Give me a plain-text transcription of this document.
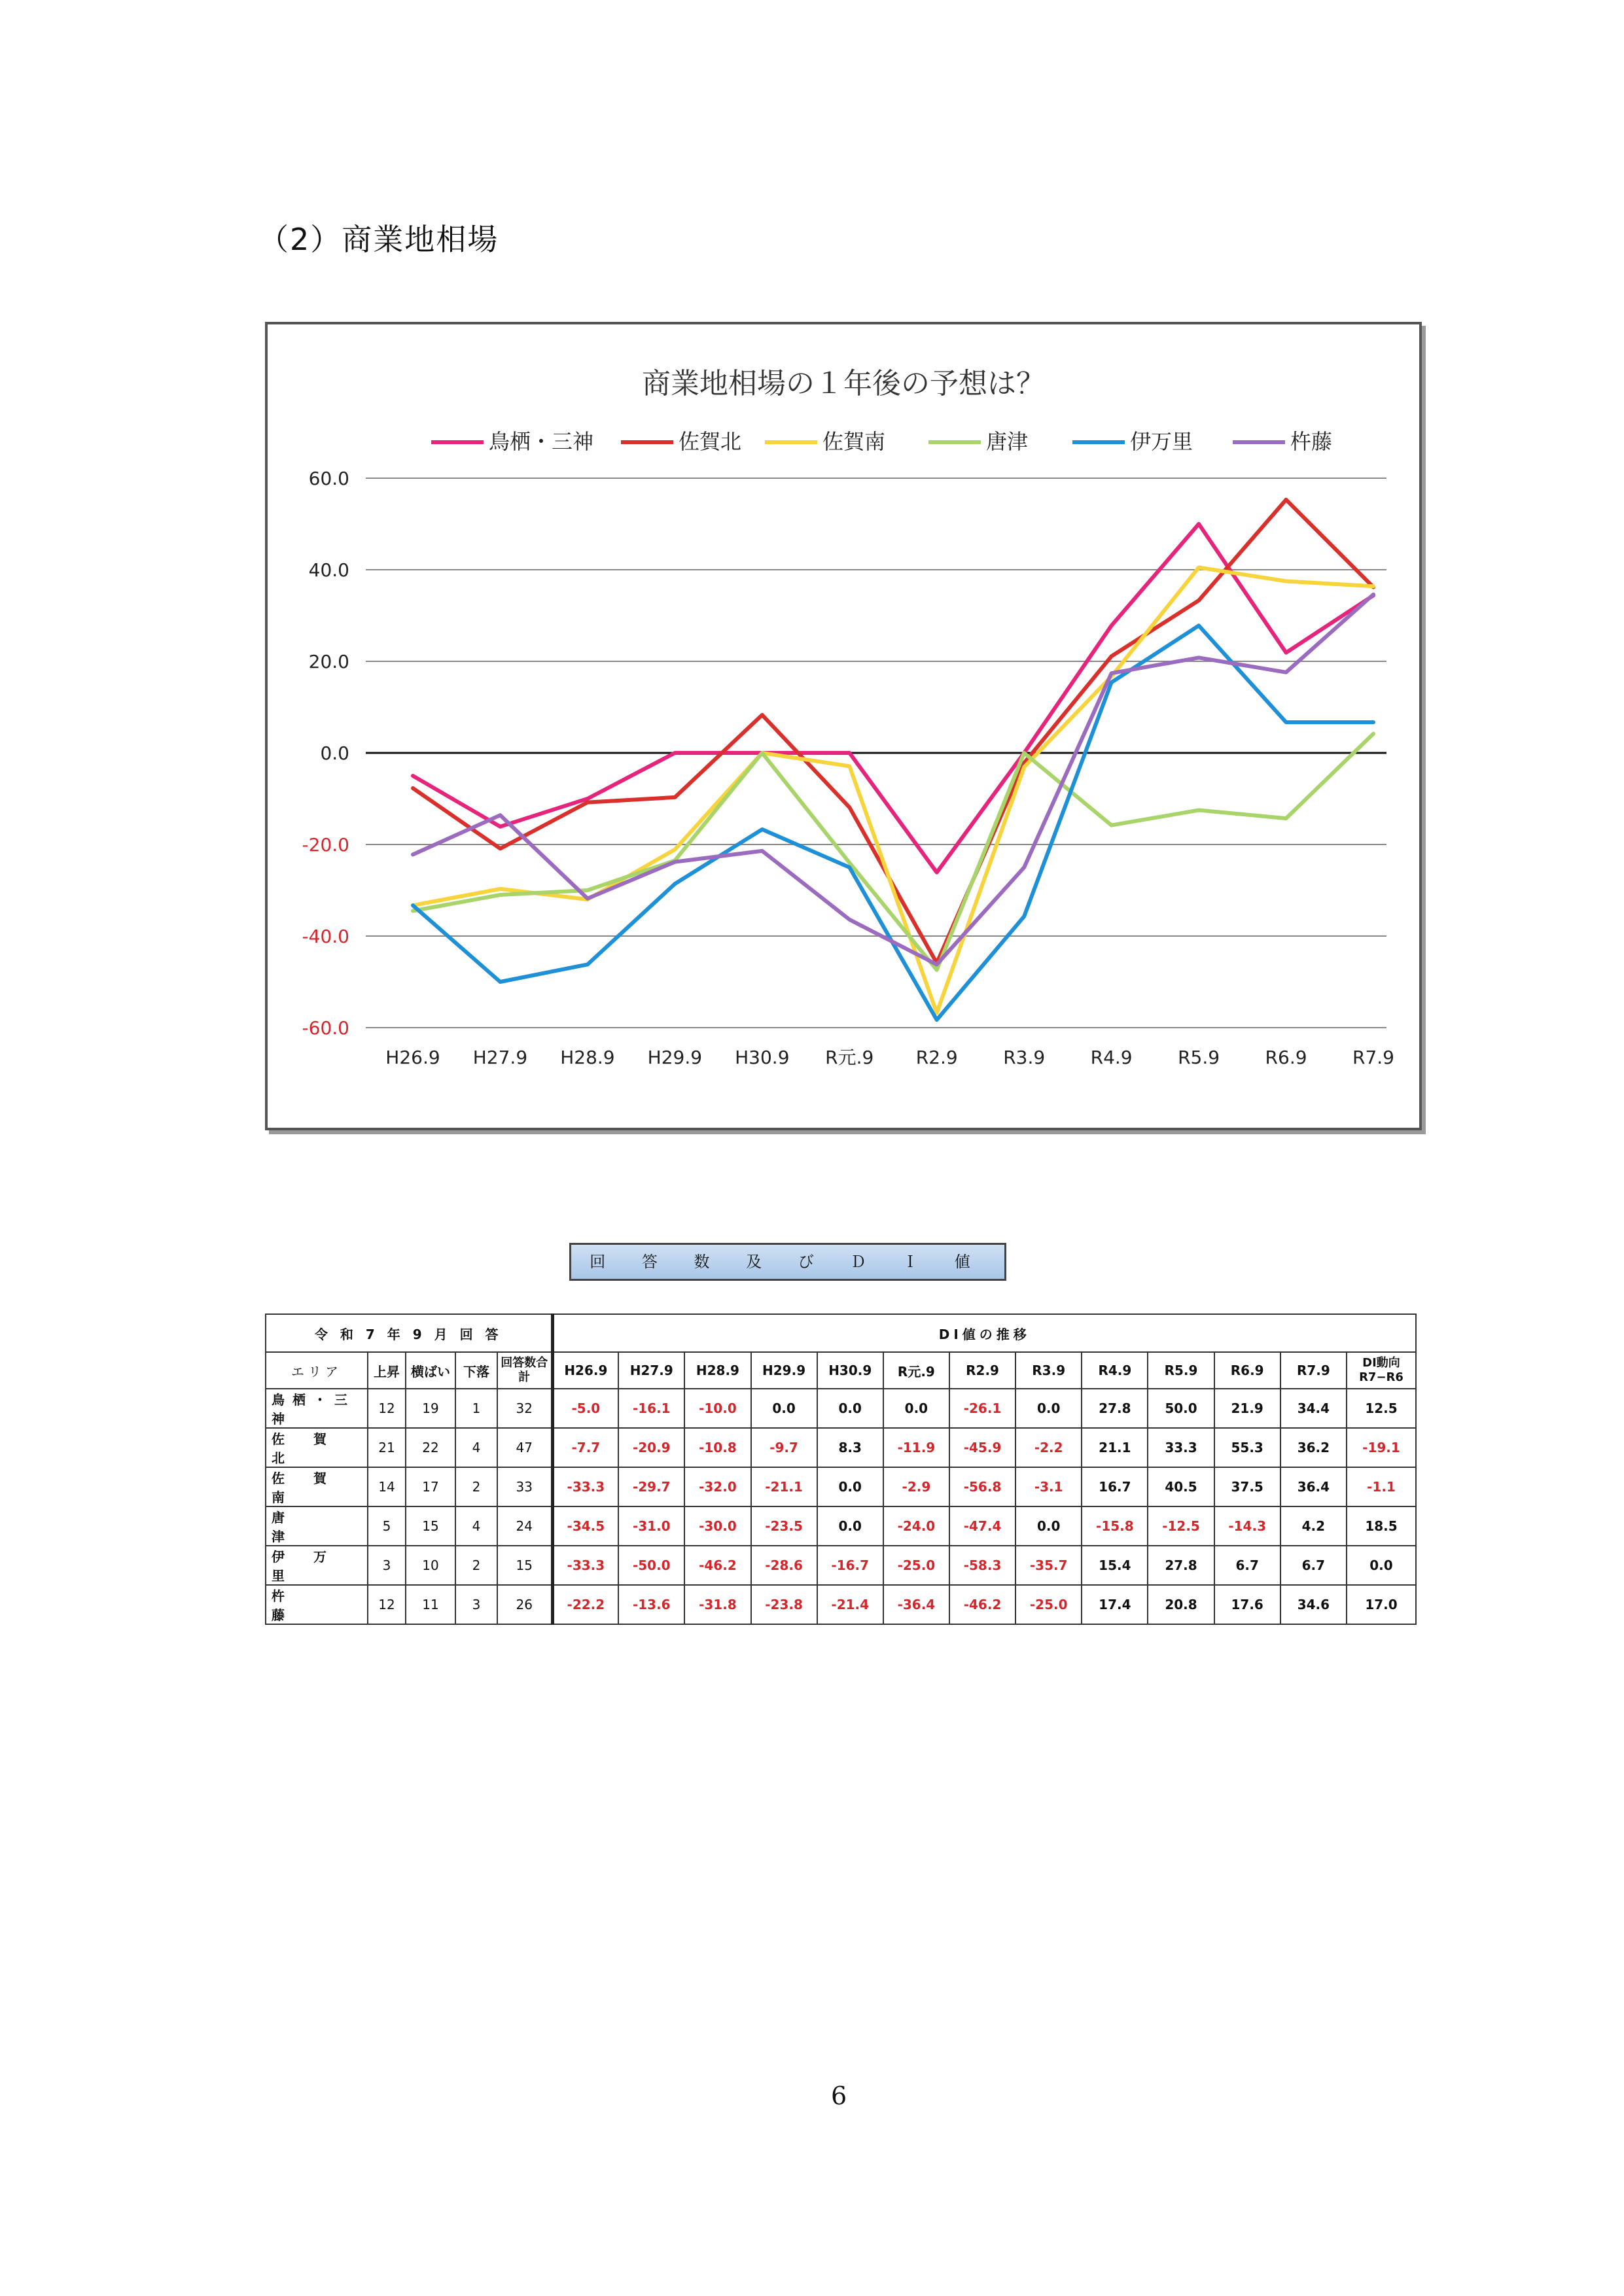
（2）商業地相場
商業地相場の１年後の予想は？
鳥栖・三神	佐賀北	佐賀南	唐津	伊万里	杵藤
60.0
40.0
20.0
0.0
-20.0
-40.0
-60.0
H26.9 H27.9 H28.9 H29.9 H30.9 R元.9 R2.9 R3.9 R4.9 R5.9 R6.9 R7.9
回 答 数 及 び Ｄ Ｉ 値
令 和 7 年 9 月 回 答					DI値の推移												
エリア	上昇	横ばい	下落	回答数合計	H26.9	H27.9	H28.9	H29.9	H30.9	R元.9	R2.9	R3.9	R4.9	R5.9	R6.9	R7.9	DI動向 R7−R6
鳥栖・三神	12	19	1	32	-5.0	-16.1	-10.0	0.0	0.0	0.0	-26.1	0.0	27.8	50.0	21.9	34.4	12.5
佐　賀　北	21	22	4	47	-7.7	-20.9	-10.8	-9.7	8.3	-11.9	-45.9	-2.2	21.1	33.3	55.3	36.2	-19.1
佐　賀　南	14	17	2	33	-33.3	-29.7	-32.0	-21.1	0.0	-2.9	-56.8	-3.1	16.7	40.5	37.5	36.4	-1.1
唐　　　津	5	15	4	24	-34.5	-31.0	-30.0	-23.5	0.0	-24.0	-47.4	0.0	-15.8	-12.5	-14.3	4.2	18.5
伊　万　里	3	10	2	15	-33.3	-50.0	-46.2	-28.6	-16.7	-25.0	-58.3	-35.7	15.4	27.8	6.7	6.7	0.0
杵　　　藤	12	11	3	26	-22.2	-13.6	-31.8	-23.8	-21.4	-36.4	-46.2	-25.0	17.4	20.8	17.6	34.6	17.0
6
